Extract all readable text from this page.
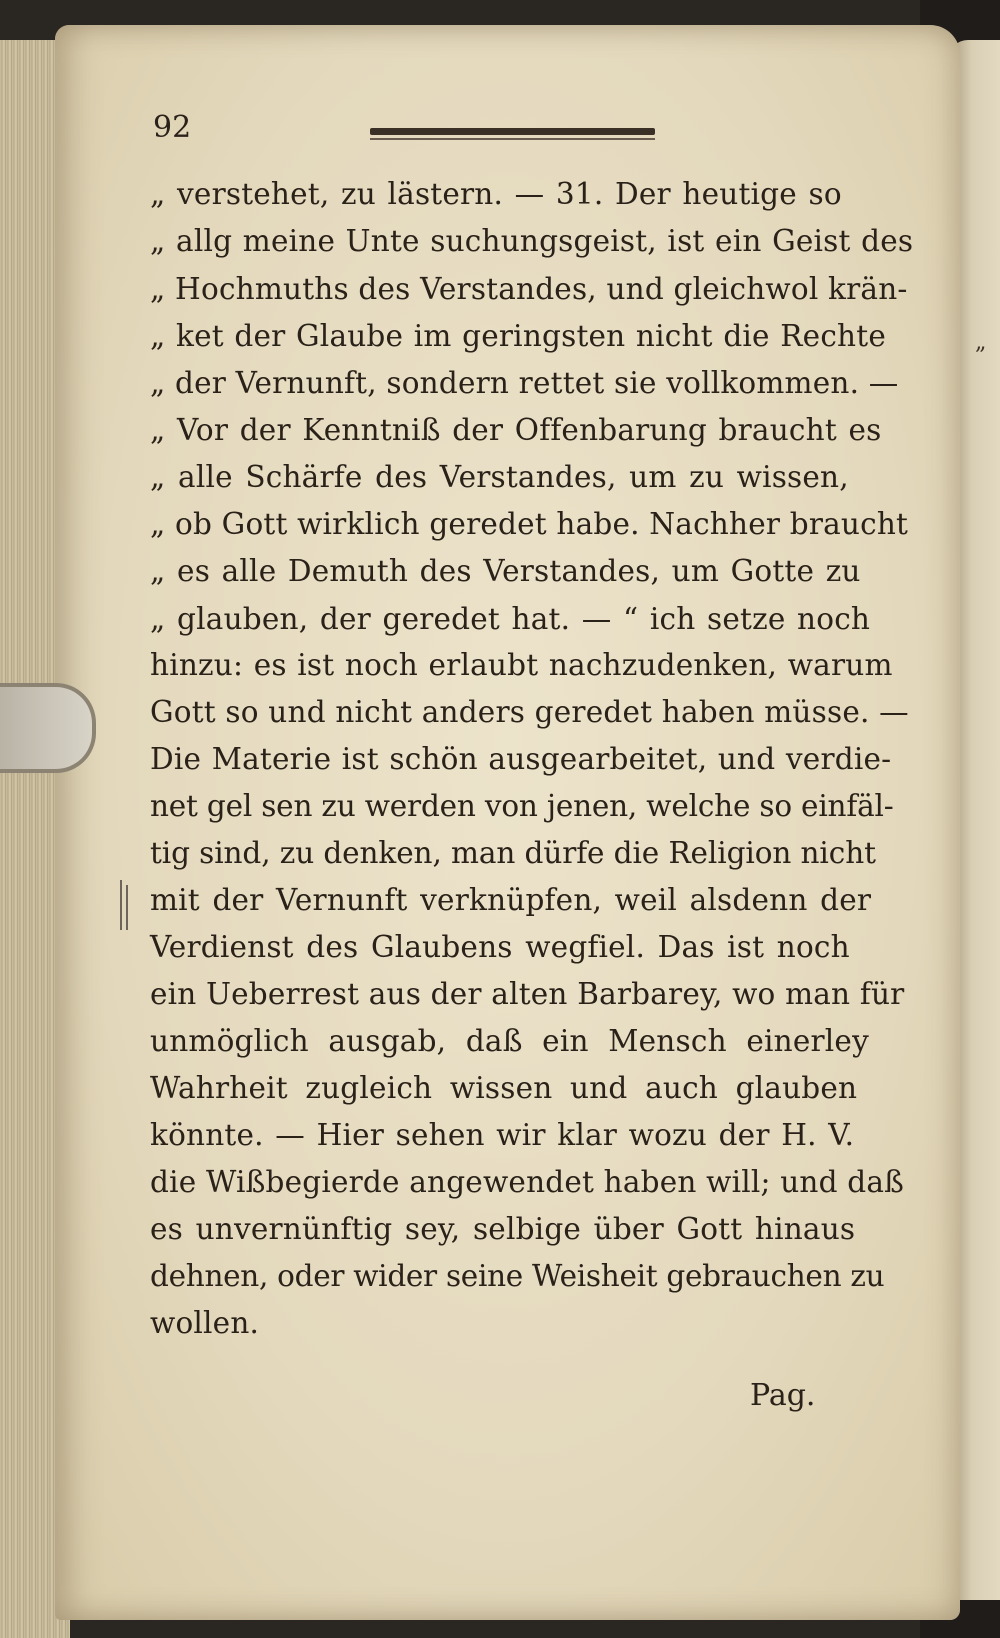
92
„ verstehet, zu lästern. — 31. Der heutige so
„ allg meine Unte suchungsgeist, ist ein Geist des
„ Hochmuths des Verstandes, und gleichwol krän-
„ ket der Glaube im geringsten nicht die Rechte
„ der Vernunft, sondern rettet sie vollkommen. —
„ Vor der Kenntniß der Offenbarung braucht es
„ alle Schärfe des Verstandes, um zu wissen,
„ ob Gott wirklich geredet habe. Nachher braucht
„ es alle Demuth des Verstandes, um Gotte zu
„ glauben, der geredet hat. — “ ich setze noch
hinzu: es ist noch erlaubt nachzudenken, warum
Gott so und nicht anders geredet haben müsse. —
Die Materie ist schön ausgearbeitet, und verdie-
net gel sen zu werden von jenen, welche so einfäl-
tig sind, zu denken, man dürfe die Religion nicht
mit der Vernunft verknüpfen, weil alsdenn der
Verdienst des Glaubens wegfiel. Das ist noch
ein Ueberrest aus der alten Barbarey, wo man für
unmöglich ausgab, daß ein Mensch einerley
Wahrheit zugleich wissen und auch glauben
könnte. — Hier sehen wir klar wozu der H. V.
die Wißbegierde angewendet haben will; und daß
es unvernünftig sey, selbige über Gott hinaus
dehnen, oder wider seine Weisheit gebrauchen zu
wollen.
Pag.
„
